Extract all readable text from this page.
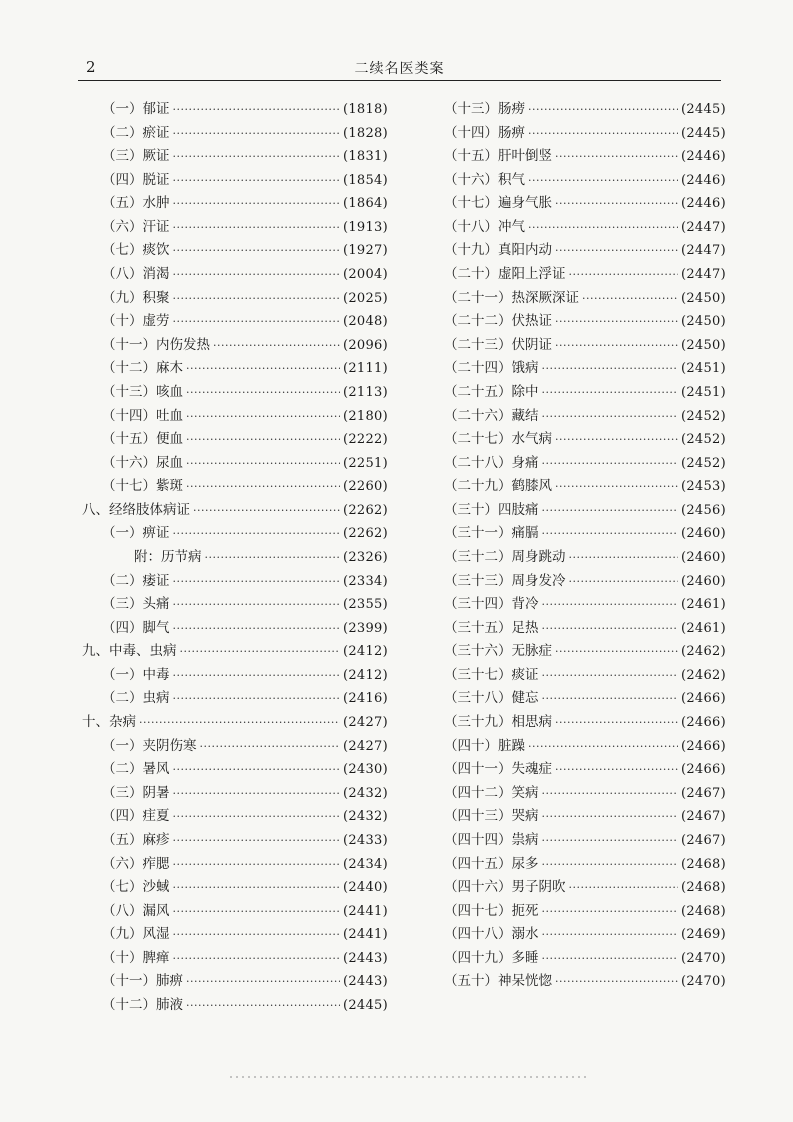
2	二续名医类案
（一）郁证 ·····	(1818)
（二）瘀证 ·····	(1828)
（三）厥证 ·····	(1831)
（四）脱证 ·····	(1854)
（五）水肿 ·····	(1864)
（六）汗证 ·····	(1913)
（七）痰饮 ·····	(1927)
（八）消渴 ·····	(2004)
（九）积聚 ·····	(2025)
（十）虚劳 ·····	(2048)
（十一）内伤发热 ·····	(2096)
（十二）麻木 ·····	(2111)
（十三）咳血 ·····	(2113)
（十四）吐血 ·····	(2180)
（十五）便血 ·····	(2222)
（十六）尿血 ·····	(2251)
（十七）紫斑 ·····	(2260)
八、经络肢体病证 ·····	(2262)
（一）痹证 ·····	(2262)
附：历节病 ·····	(2326)
（二）痿证 ·····	(2334)
（三）头痛 ·····	(2355)
（四）脚气 ·····	(2399)
九、中毒、虫病 ·····	(2412)
（一）中毒 ·····	(2412)
（二）虫病 ·····	(2416)
十、杂病 ·····	(2427)
（一）夹阴伤寒 ·····	(2427)
（二）暑风 ·····	(2430)
（三）阴暑 ·····	(2432)
（四）疰夏 ·····	(2432)
（五）麻疹 ·····	(2433)
（六）痄腮 ·····	(2434)
（七）沙蜮 ·····	(2440)
（八）漏风 ·····	(2441)
（九）风湿 ·····	(2441)
（十）脾瘅 ·····	(2443)
（十一）肺痹 ·····	(2443)
（十二）肺液 ·····	(2445)
（十三）肠痨 ·····	(2445)
（十四）肠痹 ·····	(2445)
（十五）肝叶倒竖 ·····	(2446)
（十六）积气 ·····	(2446)
（十七）遍身气胀 ·····	(2446)
（十八）冲气 ·····	(2447)
（十九）真阳内动 ·····	(2447)
（二十）虚阳上浮证 ·····	(2447)
（二十一）热深厥深证 ·····	(2450)
（二十二）伏热证 ·····	(2450)
（二十三）伏阴证 ·····	(2450)
（二十四）饿病 ·····	(2451)
（二十五）除中 ·····	(2451)
（二十六）藏结 ·····	(2452)
（二十七）水气病 ·····	(2452)
（二十八）身痛 ·····	(2452)
（二十九）鹤膝风 ·····	(2453)
（三十）四肢痛 ·····	(2456)
（三十一）痛膈 ·····	(2460)
（三十二）周身跳动 ·····	(2460)
（三十三）周身发冷 ·····	(2460)
（三十四）背冷 ·····	(2461)
（三十五）足热 ·····	(2461)
（三十六）无脉症 ·····	(2462)
（三十七）痰证 ·····	(2462)
（三十八）健忘 ·····	(2466)
（三十九）相思病 ·····	(2466)
（四十）脏躁 ·····	(2466)
（四十一）失魂症 ·····	(2466)
（四十二）笑病 ·····	(2467)
（四十三）哭病 ·····	(2467)
（四十四）祟病 ·····	(2467)
（四十五）尿多 ·····	(2468)
（四十六）男子阴吹 ·····	(2468)
（四十七）扼死 ·····	(2468)
（四十八）溺水 ·····	(2469)
（四十九）多睡 ·····	(2470)
（五十）神呆恍惚 ·····	(2470)
